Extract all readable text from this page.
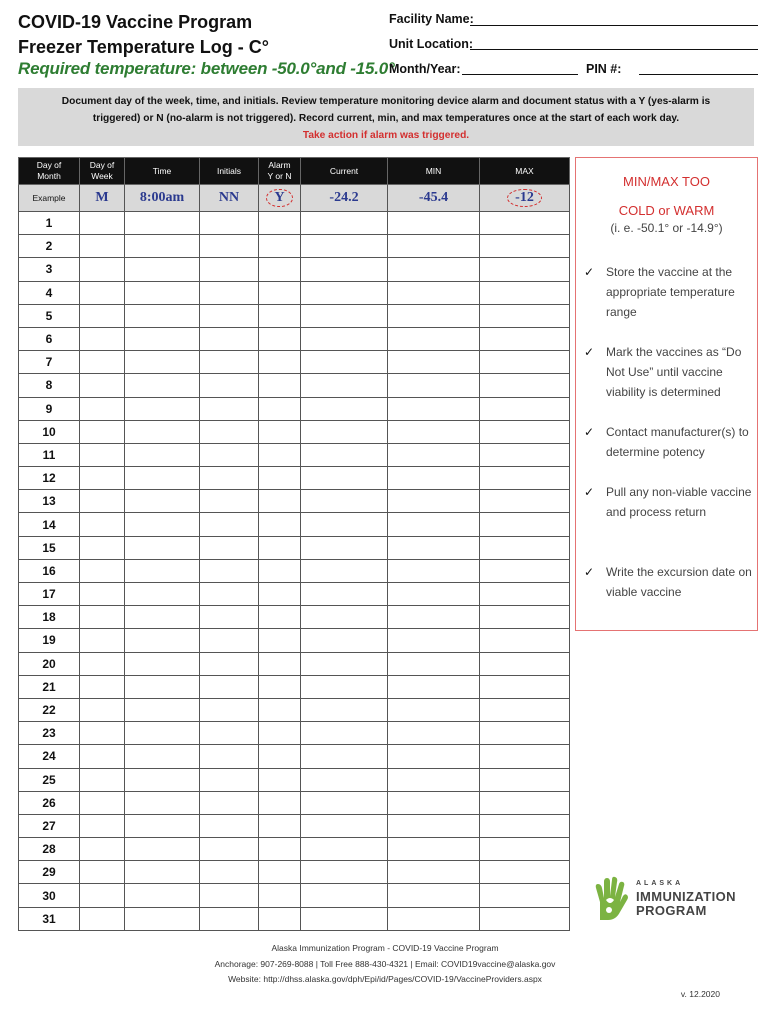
COVID-19 Vaccine Program
Freezer Temperature Log - C°
Required temperature: between -50.0°and -15.0°
Facility Name:
Unit Location:
Month/Year:	PIN #:
Document day of the week, time, and initials. Review temperature monitoring device alarm and document status with a Y (yes-alarm is
triggered) or N (no-alarm is not triggered). Record current, min, and max temperatures once at the start of each work day.
Take action if alarm was triggered.
Day of
Month	Day of
Week	Time	Initials	Alarm
Y or N	Current	MIN	MAX
Example	M	8:00am	NN	Y	-24.2	-45.4	-12
1							
2							
3							
4							
5							
6							
7							
8							
9							
10							
11							
12							
13							
14							
15							
16							
17							
18							
19							
20							
21							
22							
23							
24							
25							
26							
27							
28							
29							
30							
31							
MIN/MAX TOO
COLD or WARM
(i. e. -50.1° or -14.9°)
✓ Store the vaccine at the appropriate temperature range
✓ Mark the vaccines as “Do Not Use” until vaccine viability is determined
✓ Contact manufacturer(s) to determine potency
✓ Pull any non-viable vaccine and process return
✓ Write the excursion date on viable vaccine
ALASKA
IMMUNIZATION
PROGRAM
Alaska Immunization Program - COVID-19 Vaccine Program
Anchorage: 907-269-8088 | Toll Free 888-430-4321 | Email: COVID19vaccine@alaska.gov
Website: http://dhss.alaska.gov/dph/Epi/id/Pages/COVID-19/VaccineProviders.aspx
v. 12.2020
